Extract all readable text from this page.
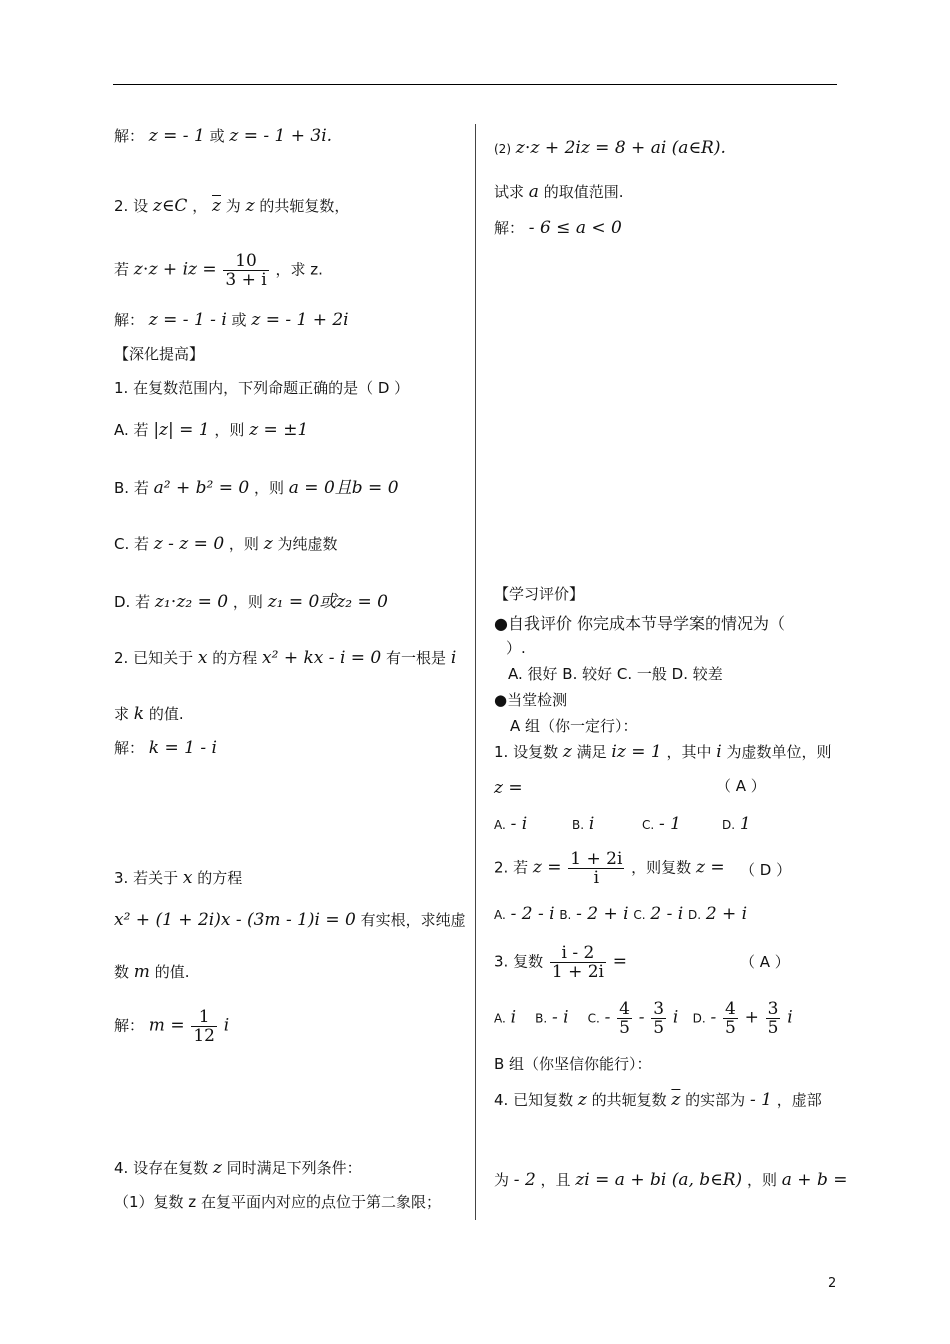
解： z = - 1 或 z = - 1 + 3i.
2. 设 z∈C ， $\overline{z}$ 为 z 的共轭复数，
若 z⋅z + iz = $\frac{10}{3 + i}$ ，求 z.
解： z = - 1 - i 或 z = - 1 + 2i
【深化提高】
1. 在复数范围内，下列命题正确的是（ D ）
A. 若 |z| = 1 ，则 z = ±1
B. 若 a² + b² = 0 ，则 a = 0且b = 0
C. 若 z - z = 0 ，则 z 为纯虚数
D. 若 z₁⋅z₂ = 0 ，则 z₁ = 0或z₂ = 0
2. 已知关于 x 的方程 x² + kx - i = 0 有一根是 i
求 k 的值.
解： k = 1 - i
3. 若关于 x 的方程
x² + (1 + 2i)x - (3m - 1)i = 0 有实根，求纯虚
数 m 的值.
解： $m = \frac{1}{12}$ i
4. 设存在复数 z 同时满足下列条件：
（1）复数 z 在复平面内对应的点位于第二象限；
(2) z⋅z + 2iz = 8 + ai (a∈R).
试求 a 的取值范围.
解： - 6 ≤ a < 0
【学习评价】
●自我评价 你完成本节导学案的情况为（
）.
A. 很好 B. 较好 C. 一般 D. 较差
●当堂检测
A 组（你一定行）：
1. 设复数 z 满足 iz = 1 ，其中 i 为虚数单位，则
z =	（ A ）
A. - i	B. i	C. - 1	D. 1
2. 若 $z = \frac{1 + 2i}{i}$ ，则复数 z = （ D ）
A. - 2 - i B. - 2 + i C. 2 - i D. 2 + i
3. 复数 $\frac{i - 2}{1 + 2i}$ =	（ A ）
A. i B. - i C. - $\frac{4}{5} - \frac{3}{5}$ i D. - $\frac{4}{5} + \frac{3}{5}$ i
B 组（你坚信你能行）：
4. 已知复数 z 的共轭复数 $\overline{z}$ 的实部为 - 1 ，虚部
为 - 2 ，且 zi = a + bi (a, b∈R) ，则 a + b =
2
